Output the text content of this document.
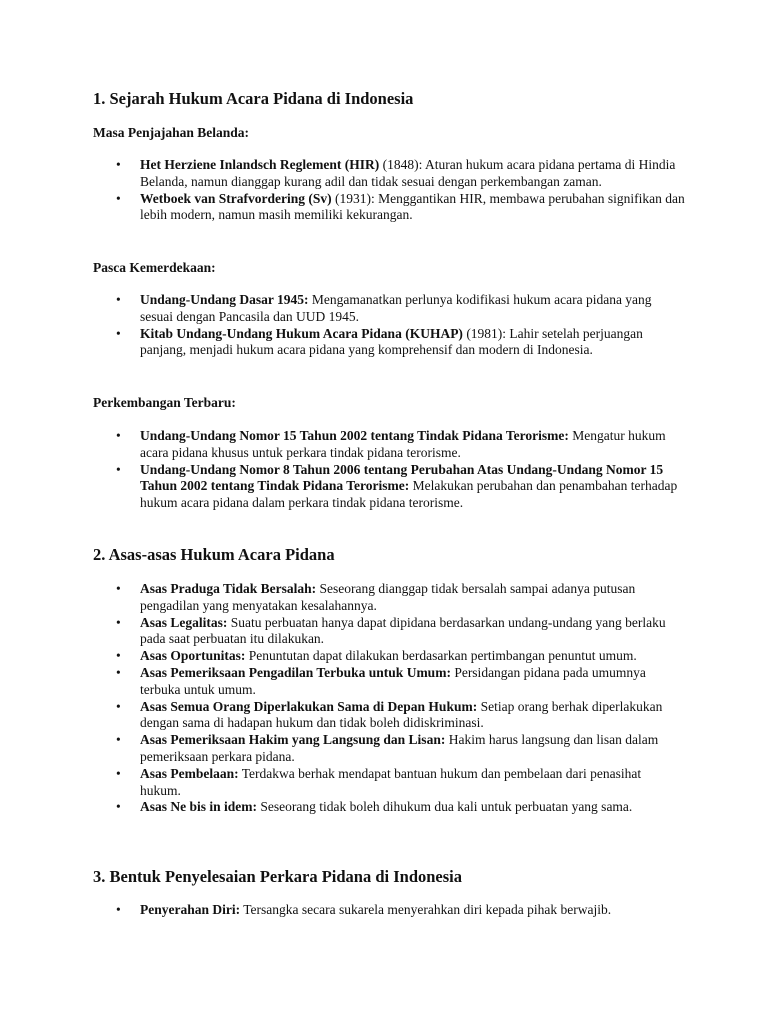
1. Sejarah Hukum Acara Pidana di Indonesia

Masa Penjajahan Belanda:

• Het Herziene Inlandsch Reglement (HIR) (1848): Aturan hukum acara pidana pertama di Hindia Belanda, namun dianggap kurang adil dan tidak sesuai dengan perkembangan zaman.
• Wetboek van Strafvordering (Sv) (1931): Menggantikan HIR, membawa perubahan signifikan dan lebih modern, namun masih memiliki kekurangan.

Pasca Kemerdekaan:

• Undang-Undang Dasar 1945: Mengamanatkan perlunya kodifikasi hukum acara pidana yang sesuai dengan Pancasila dan UUD 1945.
• Kitab Undang-Undang Hukum Acara Pidana (KUHAP) (1981): Lahir setelah perjuangan panjang, menjadi hukum acara pidana yang komprehensif dan modern di Indonesia.

Perkembangan Terbaru:

• Undang-Undang Nomor 15 Tahun 2002 tentang Tindak Pidana Terorisme: Mengatur hukum acara pidana khusus untuk perkara tindak pidana terorisme.
• Undang-Undang Nomor 8 Tahun 2006 tentang Perubahan Atas Undang-Undang Nomor 15 Tahun 2002 tentang Tindak Pidana Terorisme: Melakukan perubahan dan penambahan terhadap hukum acara pidana dalam perkara tindak pidana terorisme.
2. Asas-asas Hukum Acara Pidana
• Asas Praduga Tidak Bersalah: Seseorang dianggap tidak bersalah sampai adanya putusan pengadilan yang menyatakan kesalahannya.
• Asas Legalitas: Suatu perbuatan hanya dapat dipidana berdasarkan undang-undang yang berlaku pada saat perbuatan itu dilakukan.
• Asas Oportunitas: Penuntutan dapat dilakukan berdasarkan pertimbangan penuntut umum.
• Asas Pemeriksaan Pengadilan Terbuka untuk Umum: Persidangan pidana pada umumnya terbuka untuk umum.
• Asas Semua Orang Diperlakukan Sama di Depan Hukum: Setiap orang berhak diperlakukan dengan sama di hadapan hukum dan tidak boleh didiskriminasi.
• Asas Pemeriksaan Hakim yang Langsung dan Lisan: Hakim harus langsung dan lisan dalam pemeriksaan perkara pidana.
• Asas Pembelaan: Terdakwa berhak mendapat bantuan hukum dan pembelaan dari penasihat hukum.
• Asas Ne bis in idem: Seseorang tidak boleh dihukum dua kali untuk perbuatan yang sama.
3. Bentuk Penyelesaian Perkara Pidana di Indonesia
• Penyerahan Diri: Tersangka secara sukarela menyerahkan diri kepada pihak berwajib.
